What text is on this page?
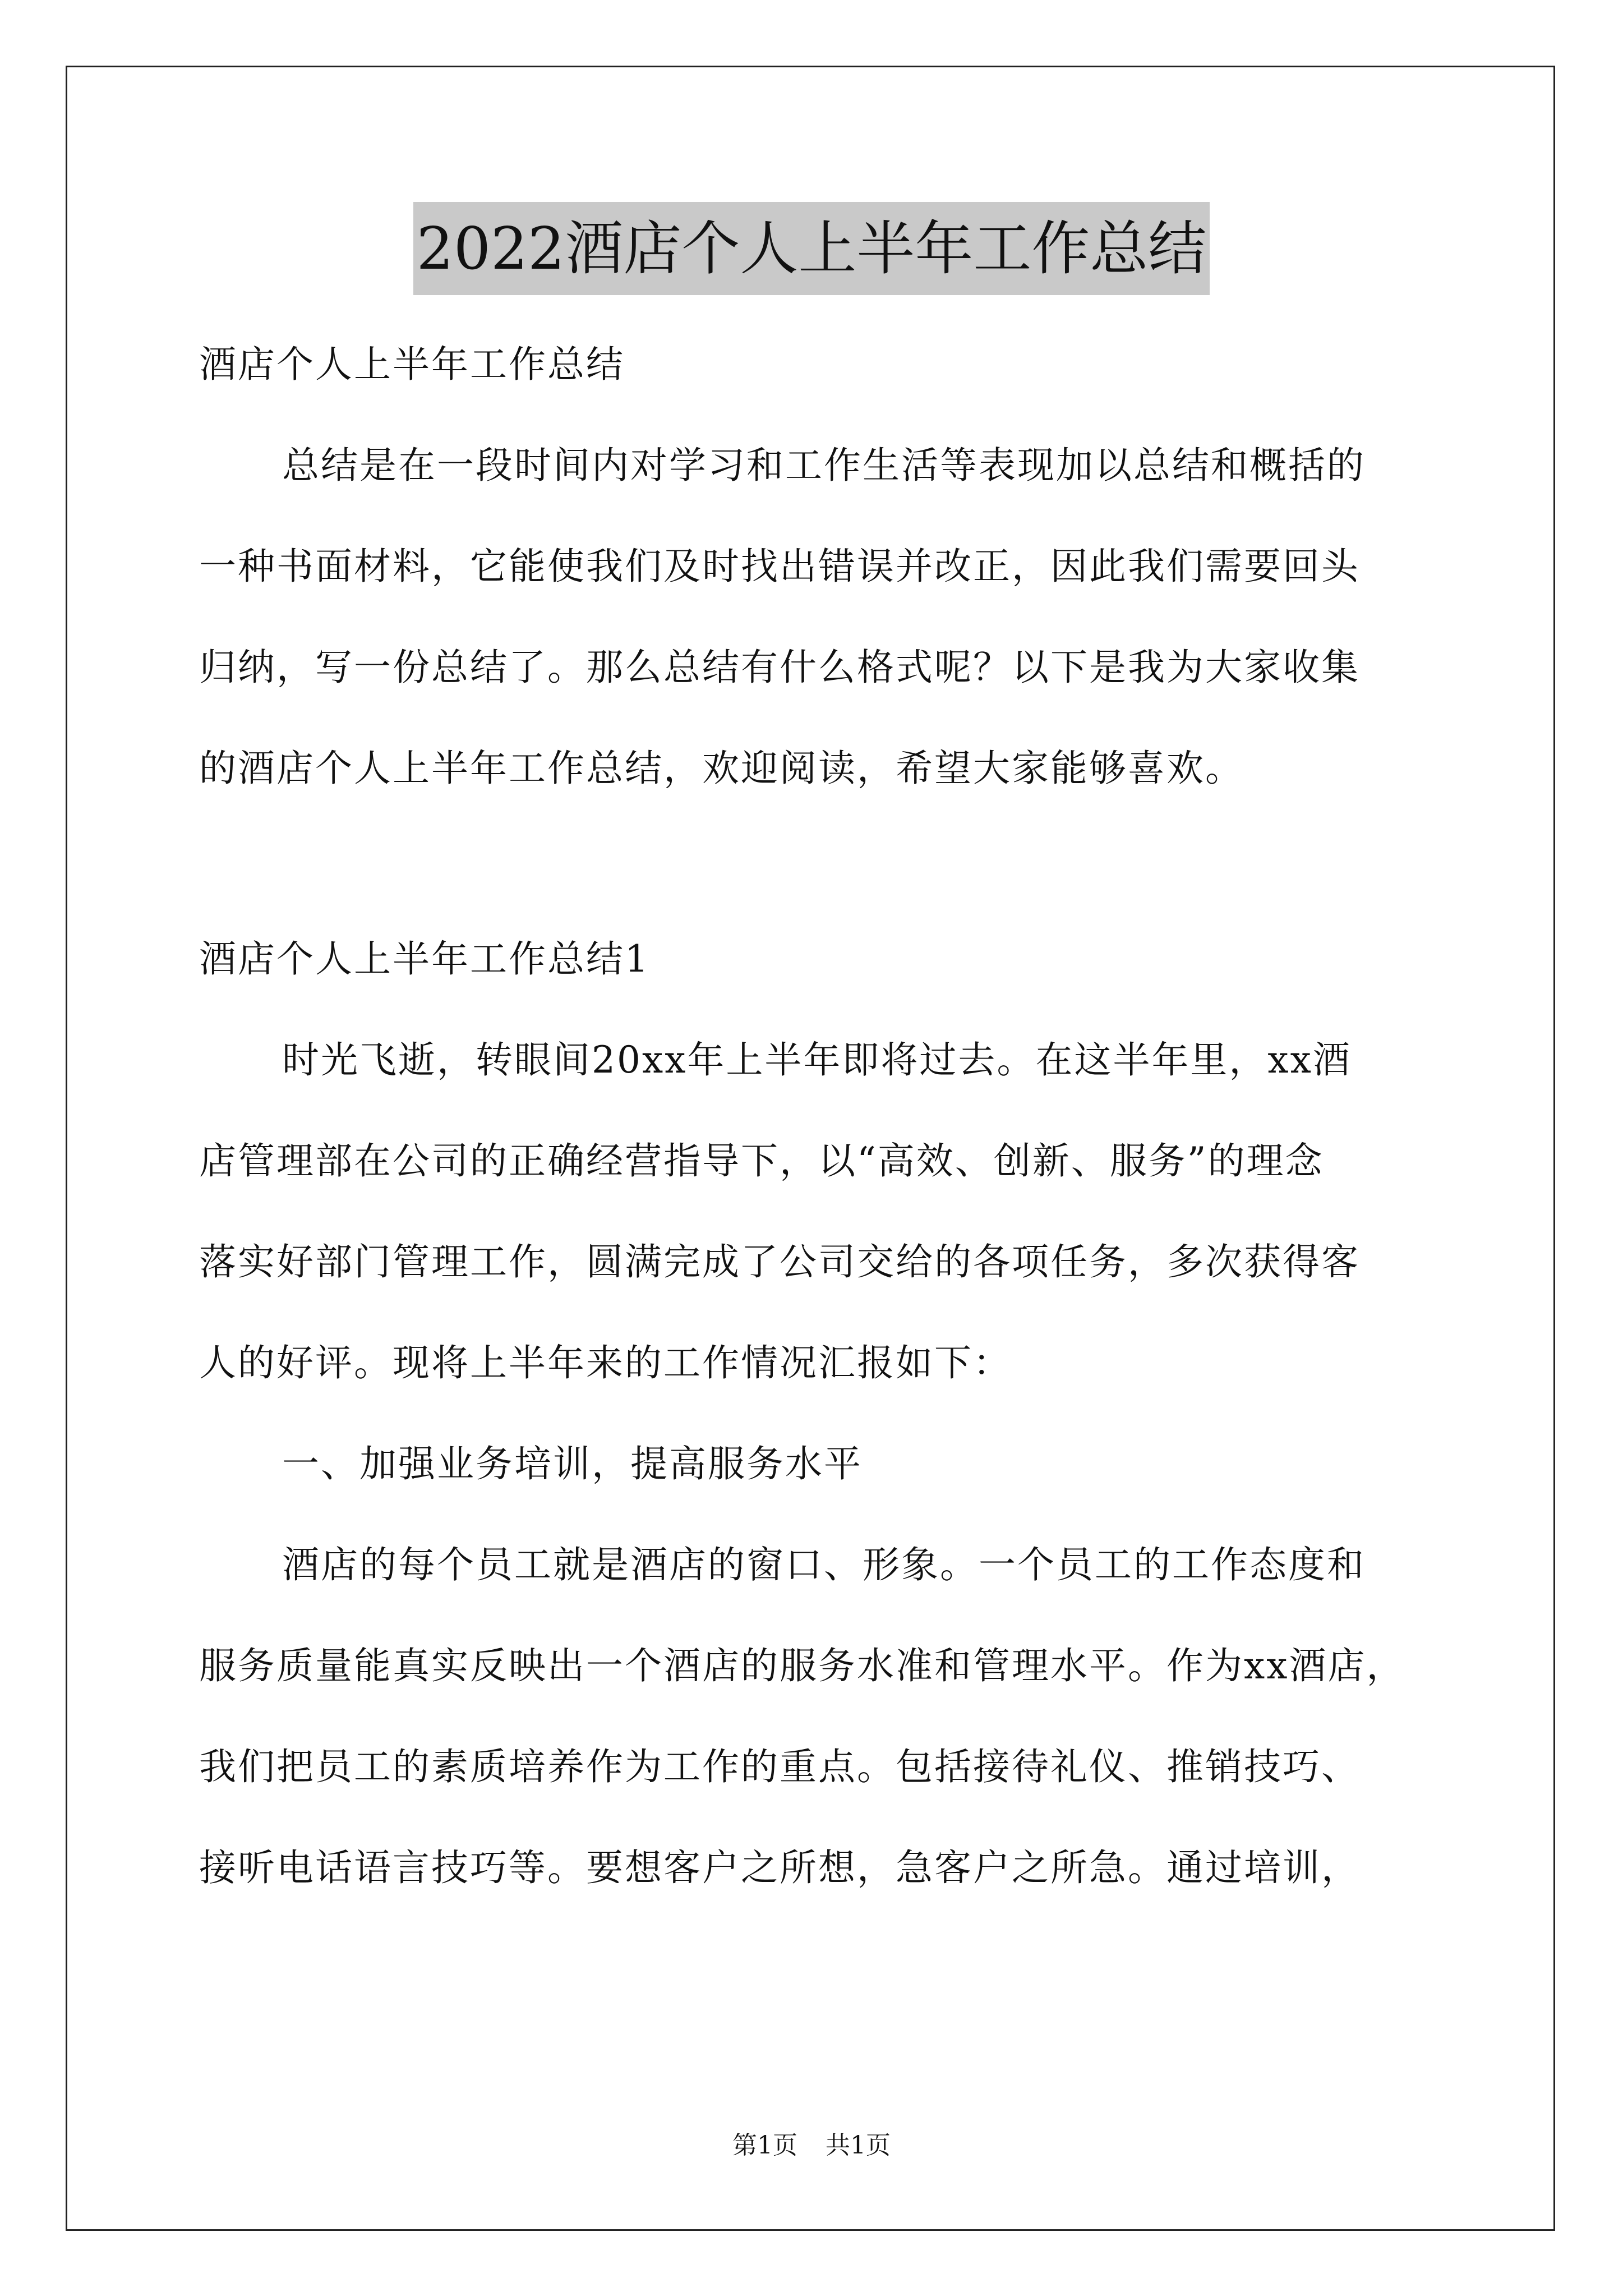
2022酒店个人上半年工作总结
酒店个人上半年工作总结
总结是在一段时间内对学习和工作生活等表现加以总结和概括的
一种书面材料，它能使我们及时找出错误并改正，因此我们需要回头
归纳，写一份总结了。那么总结有什么格式呢？以下是我为大家收集
的酒店个人上半年工作总结，欢迎阅读，希望大家能够喜欢。
酒店个人上半年工作总结1
时光飞逝，转眼间20xx年上半年即将过去。在这半年里，xx酒
店管理部在公司的正确经营指导下，以“高效、创新、服务”的理念
落实好部门管理工作，圆满完成了公司交给的各项任务，多次获得客
人的好评。现将上半年来的工作情况汇报如下：
一、加强业务培训，提高服务水平
酒店的每个员工就是酒店的窗口、形象。一个员工的工作态度和
服务质量能真实反映出一个酒店的服务水准和管理水平。作为xx酒店，
我们把员工的素质培养作为工作的重点。包括接待礼仪、推销技巧、
接听电话语言技巧等。要想客户之所想，急客户之所急。通过培训，
第1页 共1页
